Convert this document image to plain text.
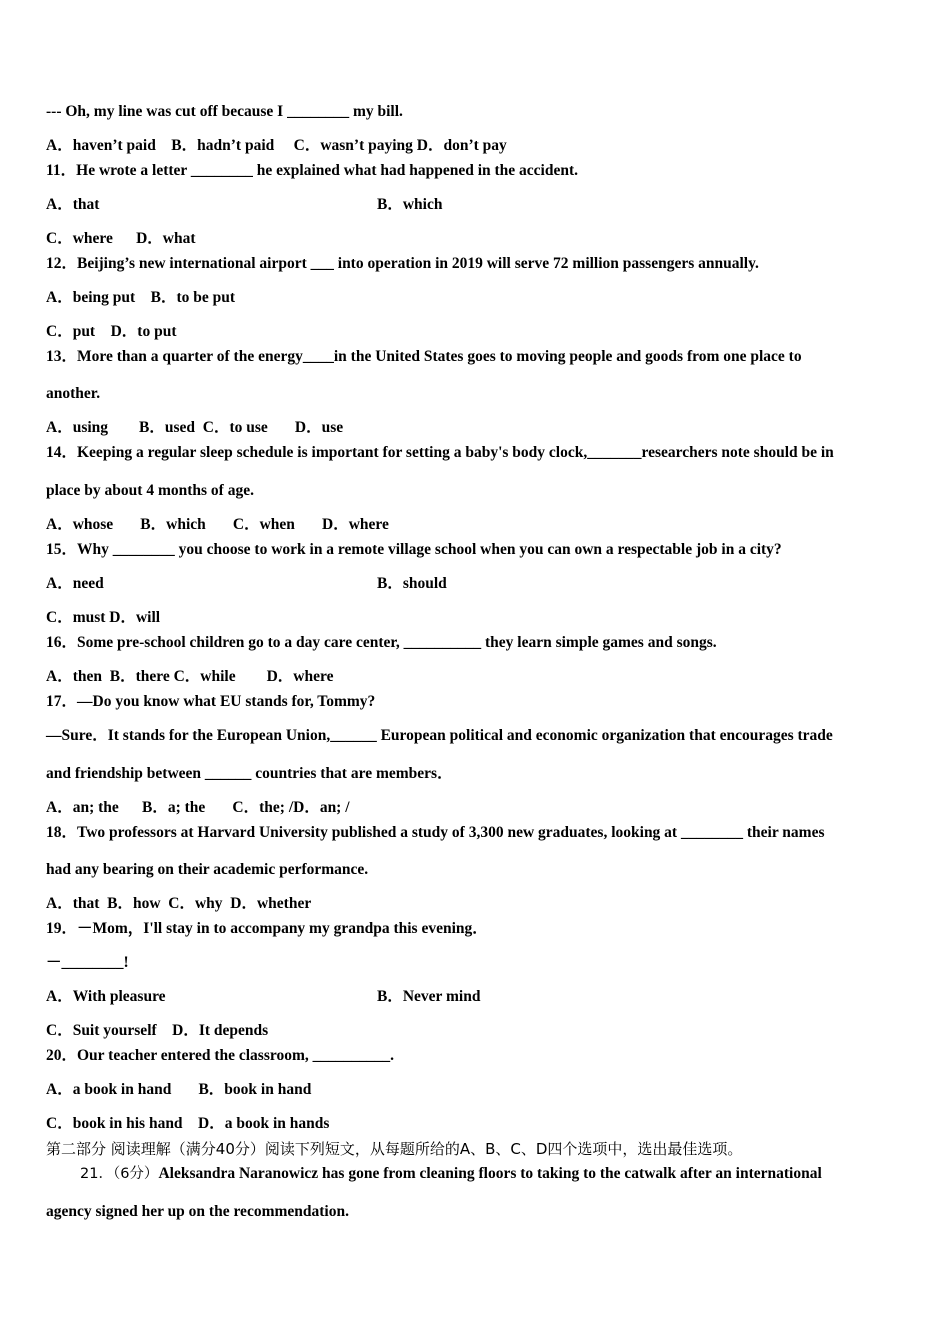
--- Oh, my line was cut off because I ________ my bill.
A．haven’t paid    B．hadn’t paid     C．wasn’t paying D．don’t pay
11．He wrote a letter ________ he explained what had happened in the accident.
A．that	B．which
C．where      D．what
12．Beijing’s new international airport ___ into operation in 2019 will serve 72 million passengers annually.
A．being put    B．to be put
C．put    D．to put
13．More than a quarter of the energy____in the United States goes to moving people and goods from one place to
another.
A．using        B．used  C．to use       D．use
14．Keeping a regular sleep schedule is important for setting a baby's body clock,_______researchers note should be in
place by about 4 months of age.
A．whose       B．which       C．when       D．where
15．Why ________ you choose to work in a remote village school when you can own a respectable job in a city?
A．need	B．should
C．must D．will
16．Some pre-school children go to a day care center, __________ they learn simple games and songs.
A．then  B．there C．while        D．where
17．—Do you know what EU stands for, Tommy?
—Sure．It stands for the European Union,______ European political and economic organization that encourages trade
and friendship between ______ countries that are members．
A．an; the      B．a; the       C．the; /D．an; /
18．Two professors at Harvard University published a study of 3,300 new graduates, looking at ________ their names
had any bearing on their academic performance.
A．that  B．how  C．why  D．whether
19．－Mom，I'll stay in to accompany my grandpa this evening．
－________!
A．With pleasure	B．Never mind
C．Suit yourself    D．It depends
20．Our teacher entered the classroom, __________.
A．a book in hand       B．book in hand
C．book in his hand    D．a book in hands
第二部分 阅读理解（满分40分）阅读下列短文，从每题所给的A、B、C、D四个选项中，选出最佳选项。
21．（6分）Aleksandra Naranowicz has gone from cleaning floors to taking to the catwalk after an international
agency signed her up on the recommendation.
